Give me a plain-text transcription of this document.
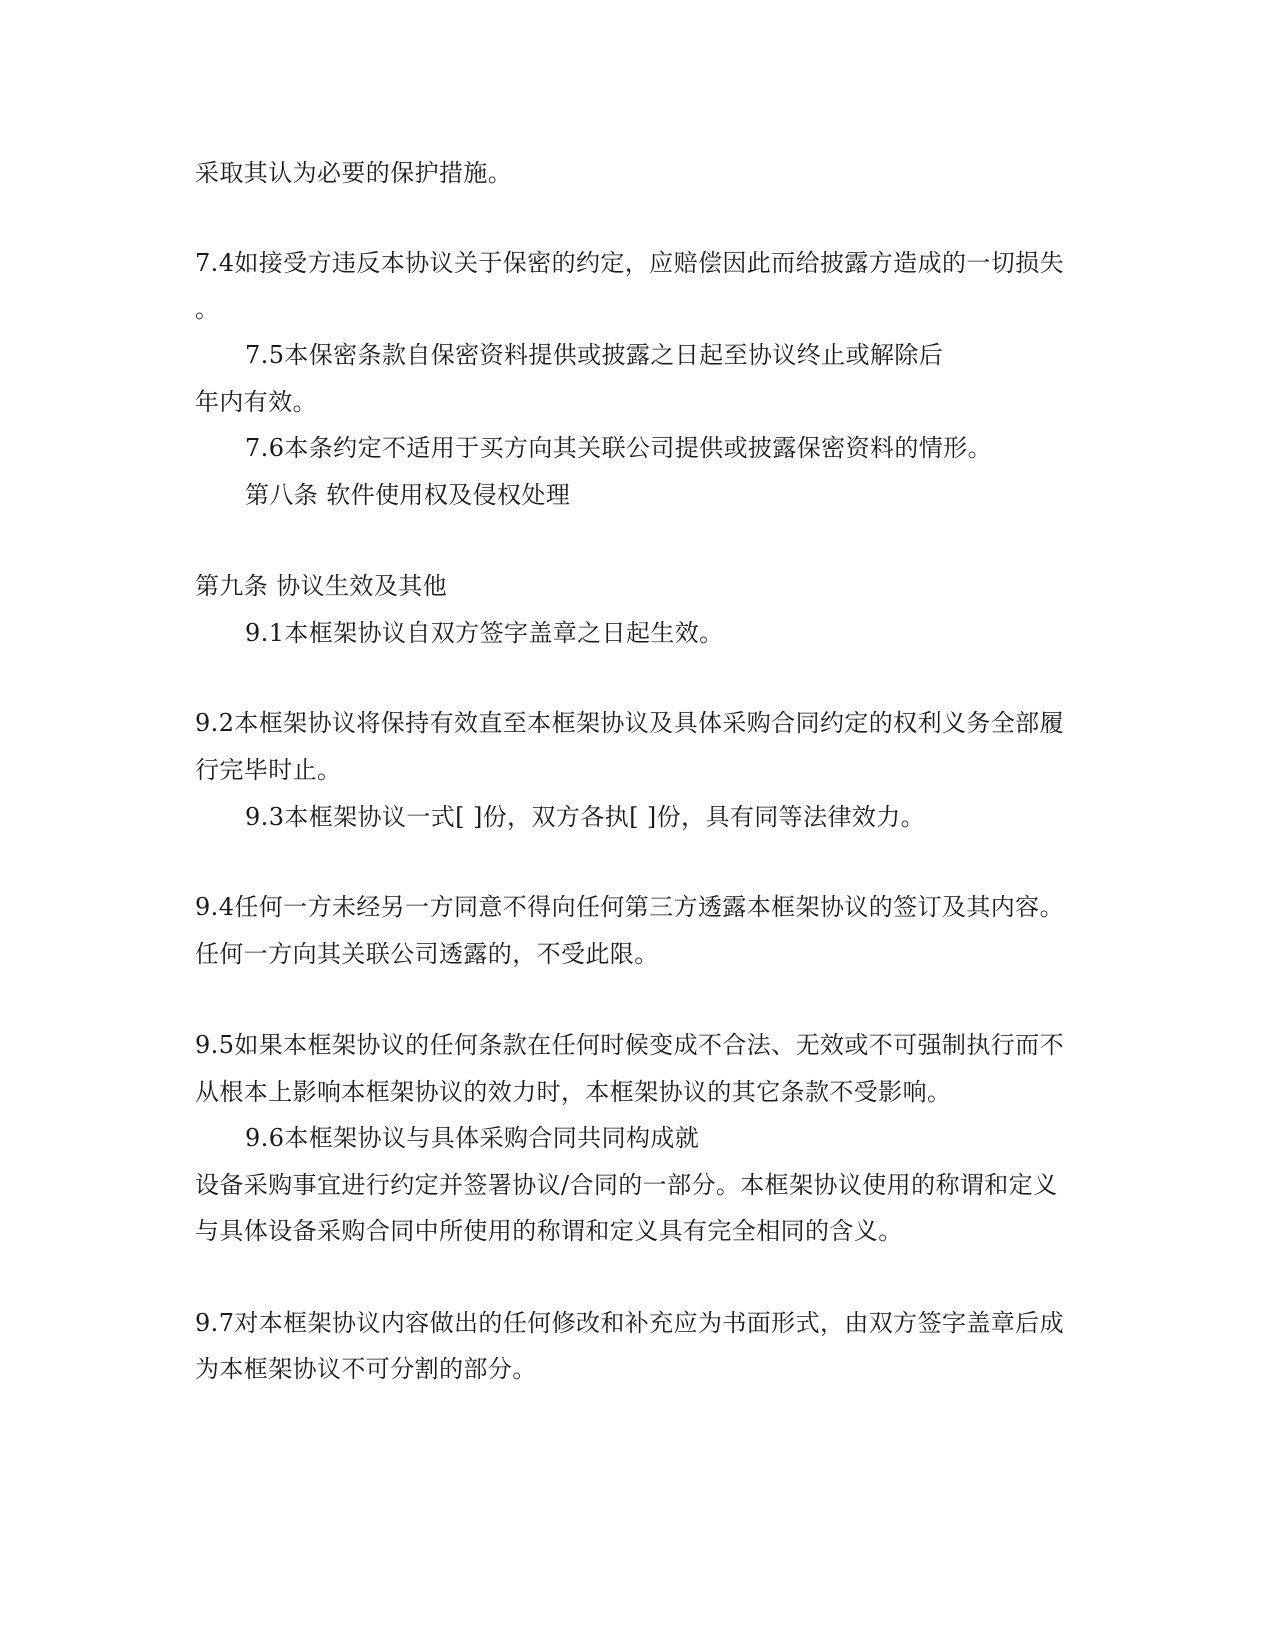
采取其认为必要的保护措施。
7.4如接受方违反本协议关于保密的约定，应赔偿因此而给披露方造成的一切损失
。
7.5本保密条款自保密资料提供或披露之日起至协议终止或解除后
年内有效。
7.6本条约定不适用于买方向其关联公司提供或披露保密资料的情形。
第八条 软件使用权及侵权处理
第九条 协议生效及其他
9.1本框架协议自双方签字盖章之日起生效。
9.2本框架协议将保持有效直至本框架协议及具体采购合同约定的权利义务全部履
行完毕时止。
9.3本框架协议一式[ ]份，双方各执[ ]份，具有同等法律效力。
9.4任何一方未经另一方同意不得向任何第三方透露本框架协议的签订及其内容。
任何一方向其关联公司透露的，不受此限。
9.5如果本框架协议的任何条款在任何时候变成不合法、无效或不可强制执行而不
从根本上影响本框架协议的效力时，本框架协议的其它条款不受影响。
9.6本框架协议与具体采购合同共同构成就
设备采购事宜进行约定并签署协议/合同的一部分。本框架协议使用的称谓和定义
与具体设备采购合同中所使用的称谓和定义具有完全相同的含义。
9.7对本框架协议内容做出的任何修改和补充应为书面形式，由双方签字盖章后成
为本框架协议不可分割的部分。
